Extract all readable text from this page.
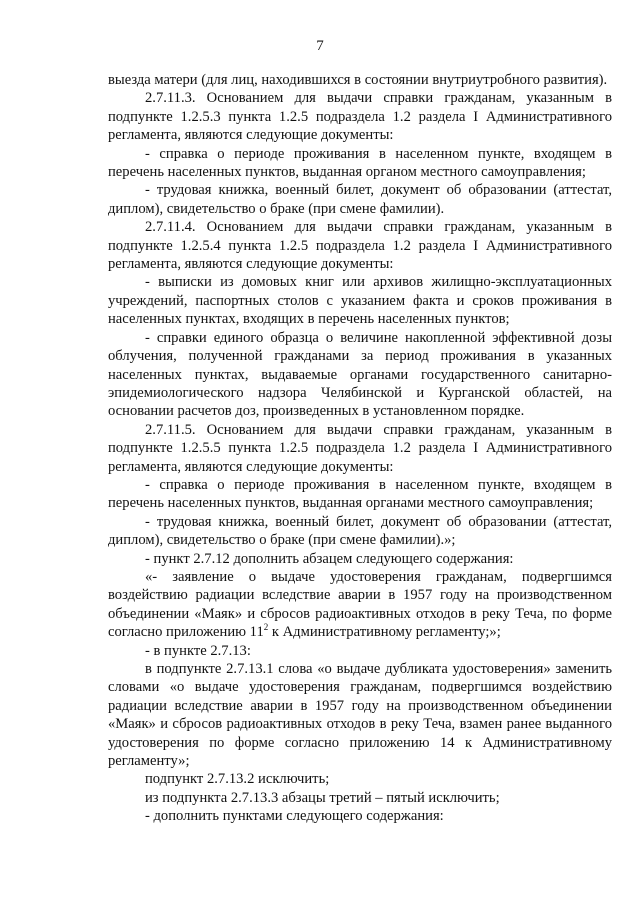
7

выезда матери (для лиц, находившихся в состоянии внутриутробного развития).

2.7.11.3. Основанием для выдачи справки гражданам, указанным в подпункте 1.2.5.3 пункта 1.2.5 подраздела 1.2 раздела I Административного регламента, являются следующие документы:

- справка о периоде проживания в населенном пункте, входящем в перечень населенных пунктов, выданная органом местного самоуправления;

- трудовая книжка, военный билет, документ об образовании (аттестат, диплом), свидетельство о браке (при смене фамилии).

2.7.11.4. Основанием для выдачи справки гражданам, указанным в подпункте 1.2.5.4 пункта 1.2.5 подраздела 1.2 раздела I Административного регламента, являются следующие документы:

- выписки из домовых книг или архивов жилищно-эксплуатационных учреждений, паспортных столов с указанием факта и сроков проживания в населенных пунктах, входящих в перечень населенных пунктов;

- справки единого образца о величине накопленной эффективной дозы облучения, полученной гражданами за период проживания в указанных населенных пунктах, выдаваемые органами государственного санитарно-эпидемиологического надзора Челябинской и Курганской областей, на основании расчетов доз, произведенных в установленном порядке.

2.7.11.5. Основанием для выдачи справки гражданам, указанным в подпункте 1.2.5.5 пункта 1.2.5 подраздела 1.2 раздела I Административного регламента, являются следующие документы:

- справка о периоде проживания в населенном пункте, входящем в перечень населенных пунктов, выданная органами местного самоуправления;

- трудовая книжка, военный билет, документ об образовании (аттестат, диплом), свидетельство о браке (при смене фамилии).»;

- пункт 2.7.12 дополнить абзацем следующего содержания:

«- заявление о выдаче удостоверения гражданам, подвергшимся воздействию радиации вследствие аварии в 1957 году на производственном объединении «Маяк» и сбросов радиоактивных отходов в реку Теча, по форме согласно приложению $11^2$ к Административному регламенту;»;

- в пункте 2.7.13:

в подпункте 2.7.13.1 слова «о выдаче дубликата удостоверения» заменить словами «о выдаче удостоверения гражданам, подвергшимся воздействию радиации вследствие аварии в 1957 году на производственном объединении «Маяк» и сбросов радиоактивных отходов в реку Теча, взамен ранее выданного удостоверения по форме согласно приложению 14 к Административному регламенту»;

подпункт 2.7.13.2 исключить;

из подпункта 2.7.13.3 абзацы третий – пятый исключить;

- дополнить пунктами следующего содержания:
